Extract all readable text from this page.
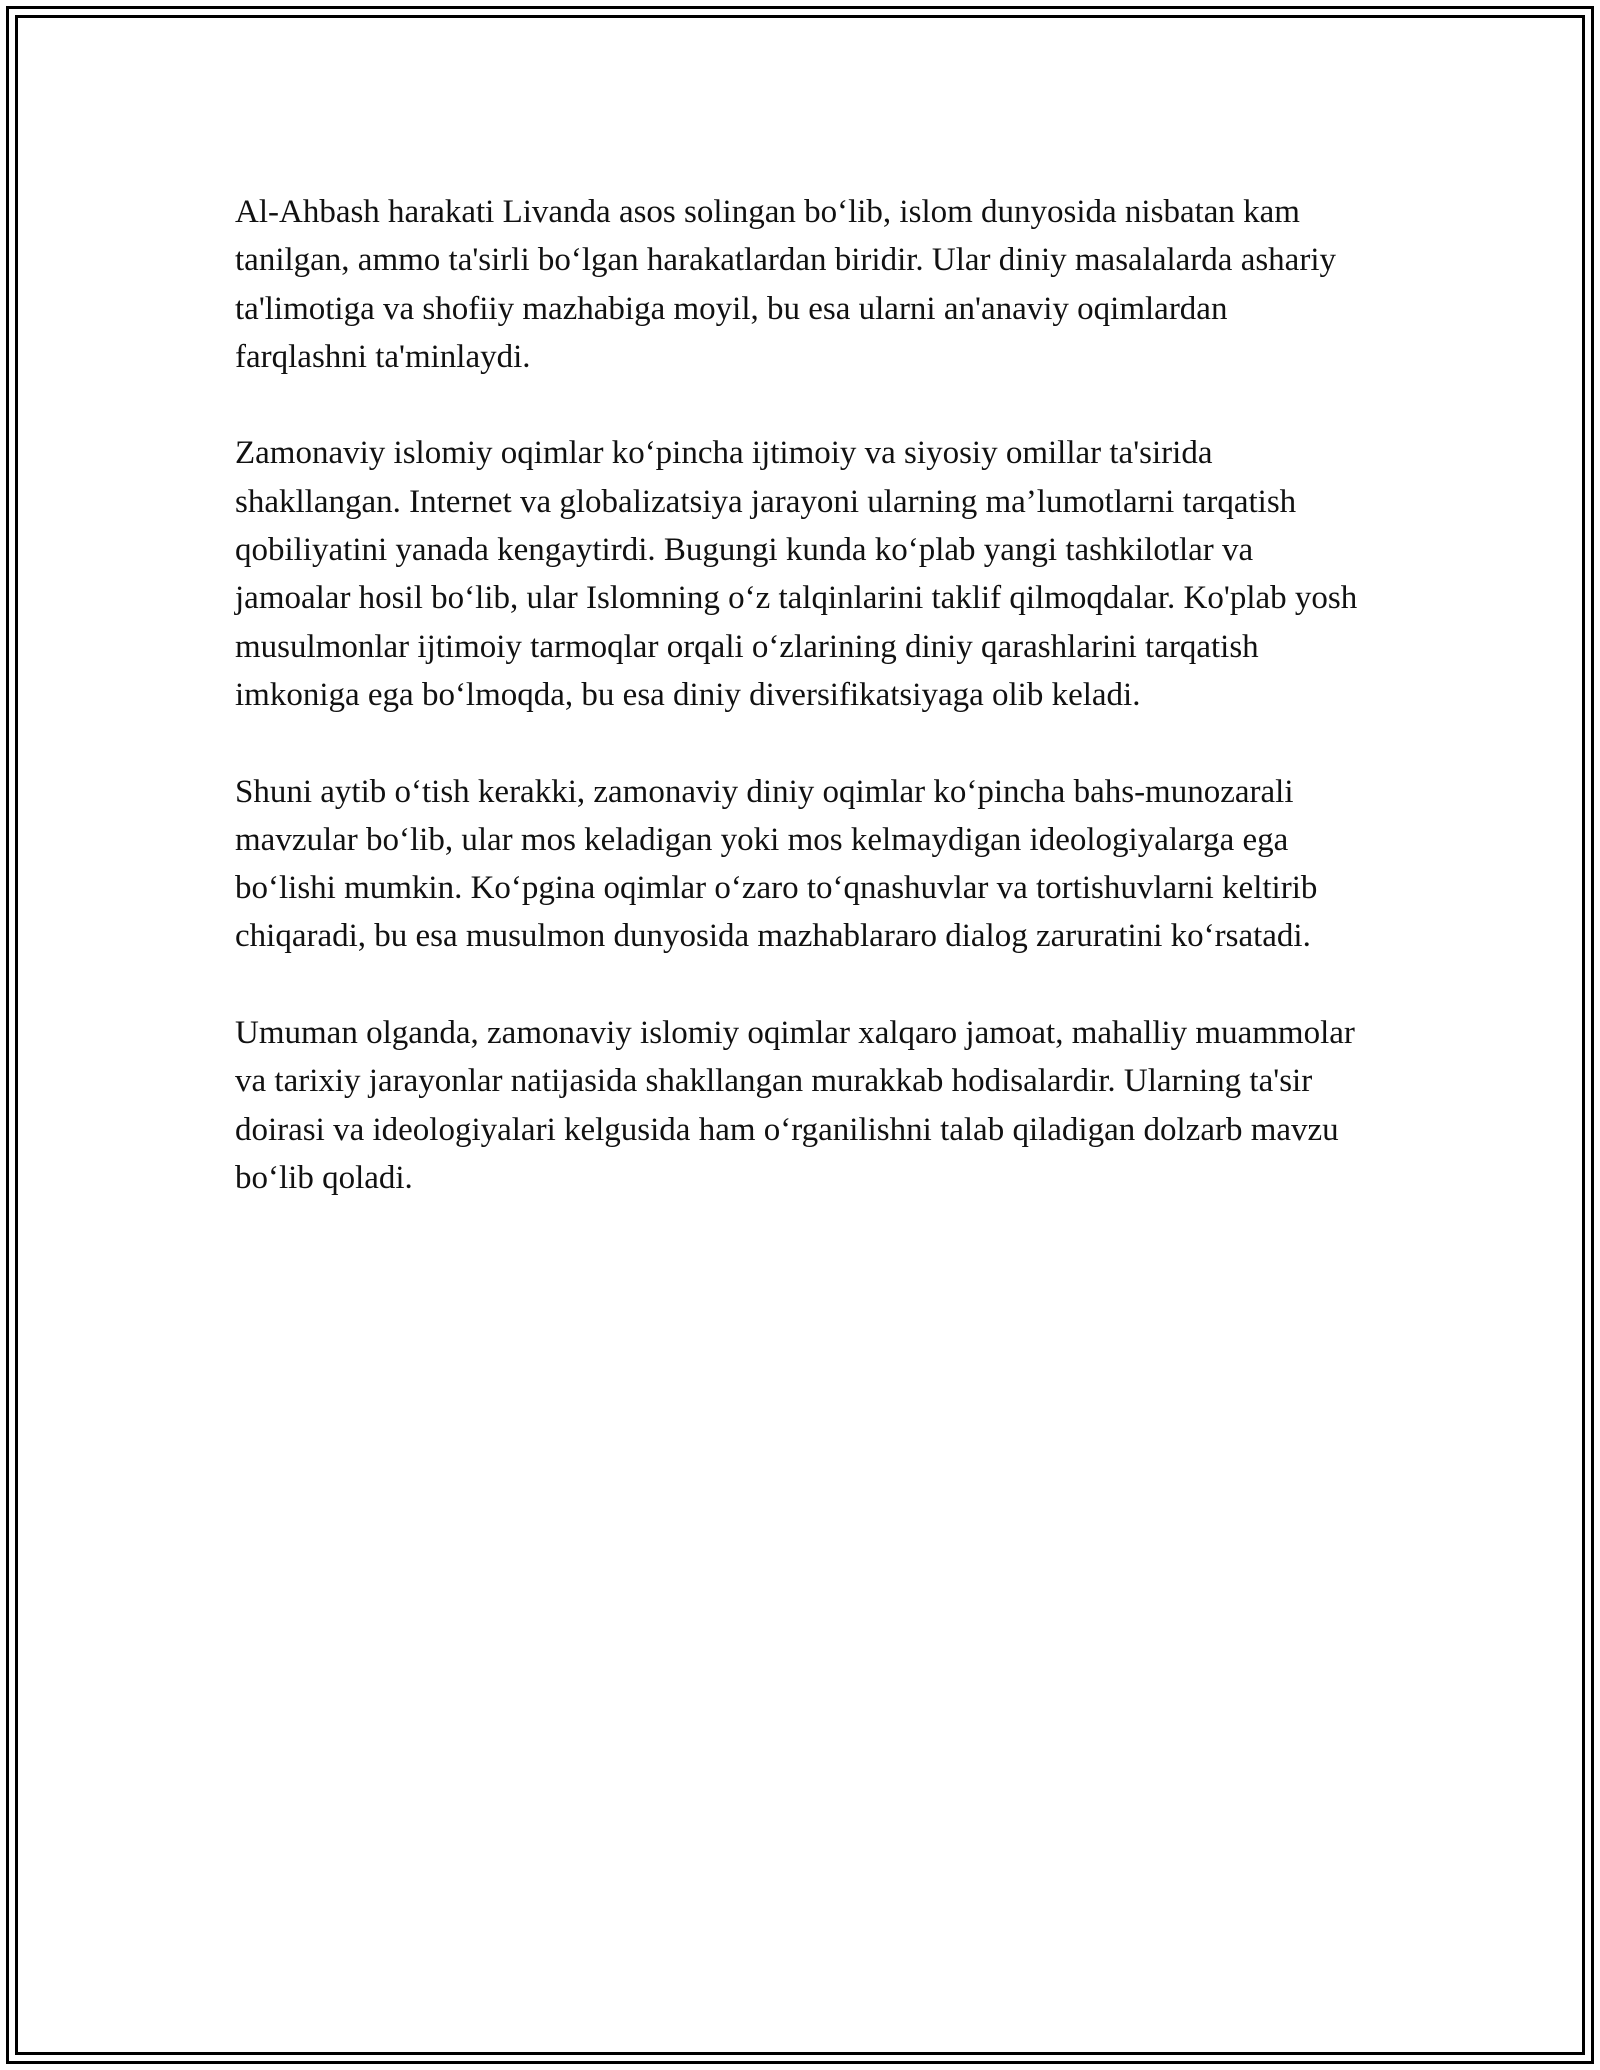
Al-Ahbash harakati Livanda asos solingan bo‘lib, islom dunyosida nisbatan kam tanilgan, ammo ta'sirli bo‘lgan harakatlardan biridir. Ular diniy masalalarda ashariy ta'limotiga va shofiiy mazhabiga moyil, bu esa ularni an'anaviy oqimlardan farqlashni ta'minlaydi.

Zamonaviy islomiy oqimlar ko‘pincha ijtimoiy va siyosiy omillar ta'sirida shakllangan. Internet va globalizatsiya jarayoni ularning ma’lumotlarni tarqatish qobiliyatini yanada kengaytirdi. Bugungi kunda ko‘plab yangi tashkilotlar va jamoalar hosil bo‘lib, ular Islomning o‘z talqinlarini taklif qilmoqdalar. Ko'plab yosh musulmonlar ijtimoiy tarmoqlar orqali o‘zlarining diniy qarashlarini tarqatish imkoniga ega bo‘lmoqda, bu esa diniy diversifikatsiyaga olib keladi.

Shuni aytib o‘tish kerakki, zamonaviy diniy oqimlar ko‘pincha bahs-munozarali mavzular bo‘lib, ular mos keladigan yoki mos kelmaydigan ideologiyalarga ega bo‘lishi mumkin. Ko‘pgina oqimlar o‘zaro to‘qnashuvlar va tortishuvlarni keltirib chiqaradi, bu esa musulmon dunyosida mazhablararo dialog zaruratini ko‘rsatadi.

Umuman olganda, zamonaviy islomiy oqimlar xalqaro jamoat, mahalliy muammolar va tarixiy jarayonlar natijasida shakllangan murakkab hodisalardir. Ularning ta'sir doirasi va ideologiyalari kelgusida ham o‘rganilishni talab qiladigan dolzarb mavzu bo‘lib qoladi.
